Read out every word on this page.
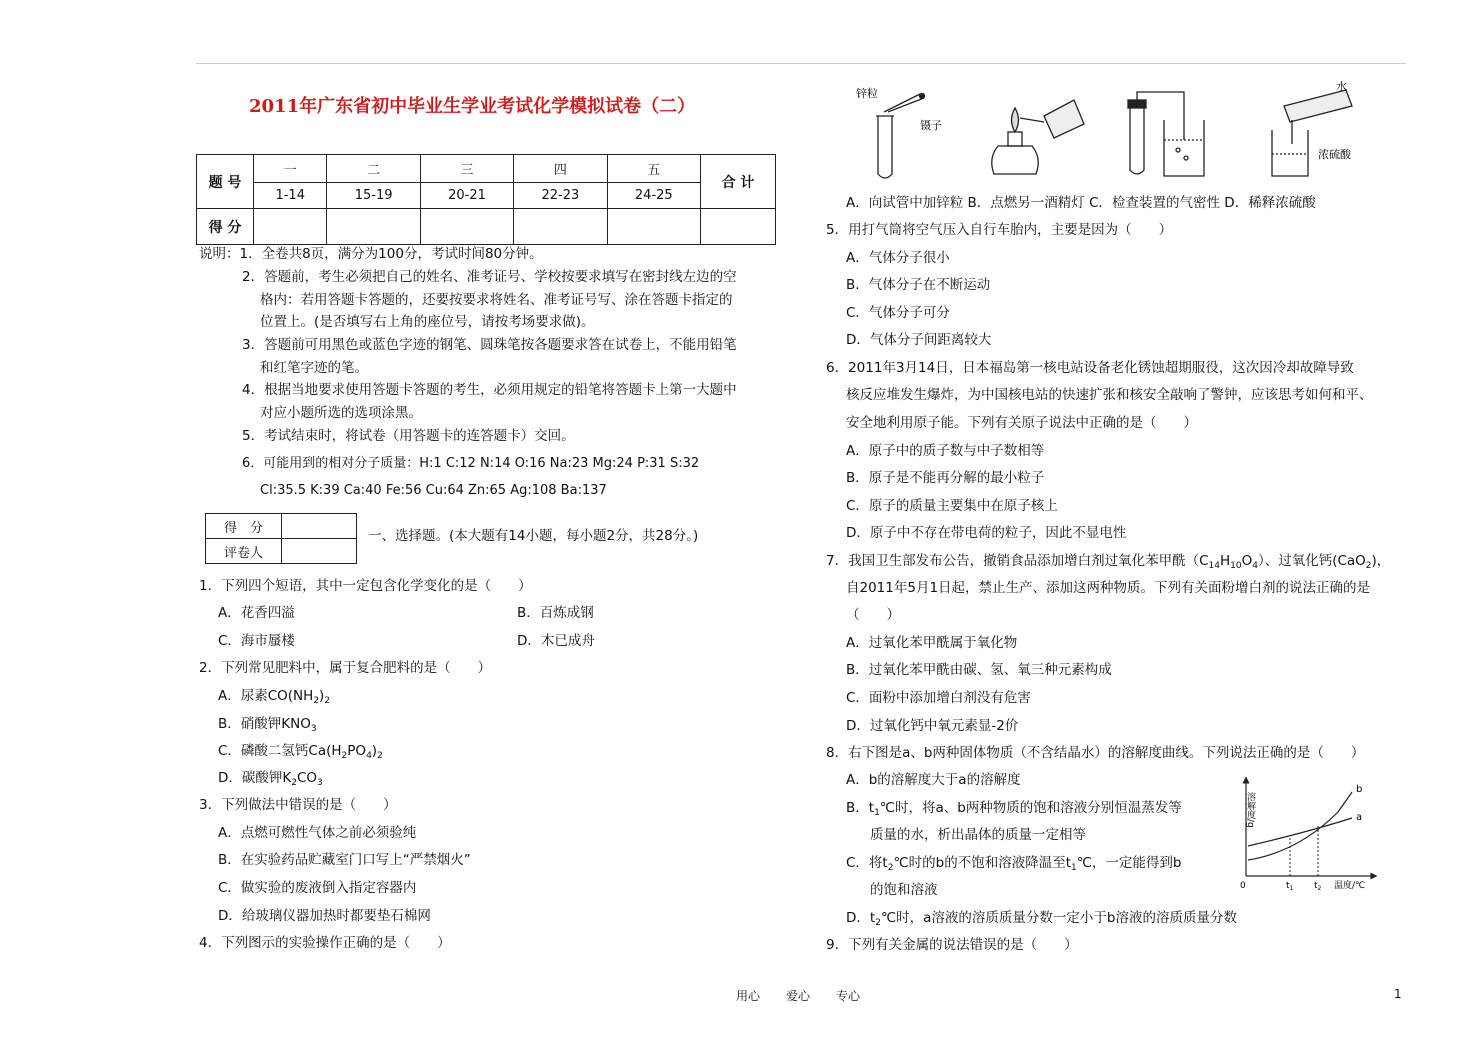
2011年广东省初中毕业生学业考试化学模拟试卷（二）
题 号	一	二	三	四	五	合 计
	1-14	15-19	20-21	22-23	24-25	
得 分						
说明：1．全卷共8页，满分为100分，考试时间80分钟。
2．答题前，考生必须把自己的姓名、准考证号、学校按要求填写在密封线左边的空
格内：若用答题卡答题的，还要按要求将姓名、准考证号写、涂在答题卡指定的
位置上。(是否填写右上角的座位号，请按考场要求做)。
3．答题前可用黑色或蓝色字迹的钢笔、圆珠笔按各题要求答在试卷上，不能用铅笔
和红笔字迹的笔。
4．根据当地要求使用答题卡答题的考生，必须用规定的铅笔将答题卡上第一大题中
对应小题所选的选项涂黑。
5．考试结束时，将试卷（用答题卡的连答题卡）交回。
6．可能用到的相对分子质量：H:1 C:12 N:14 O:16 Na:23 Mg:24 P:31 S:32
Cl:35.5 K:39 Ca:40 Fe:56 Cu:64 Zn:65 Ag:108 Ba:137
得　分	
评卷人	
一、选择题。(本大题有14小题，每小题2分，共28分。)
1．下列四个短语，其中一定包含化学变化的是（　　）
A．花香四溢	B．百炼成钢
C．海市蜃楼	D．木已成舟
2．下列常见肥料中，属于复合肥料的是（　　）
A．尿素$CO(NH_2)_2$
B．硝酸钾$KNO_3$
C．磷酸二氢钙$Ca(H_2PO_4)_2$
D．碳酸钾$K_2CO_3$
3．下列做法中错误的是（　　）
A．点燃可燃性气体之前必须验纯
B．在实验药品贮藏室门口写上“严禁烟火”
C．做实验的废液倒入指定容器内
D．给玻璃仪器加热时都要垫石棉网
4．下列图示的实验操作正确的是（　　）
锌粒
镊子
水
浓硫酸
A．向试管中加锌粒 B．点燃另一酒精灯 C．检查装置的气密性 D．稀释浓硫酸
5．用打气筒将空气压入自行车胎内，主要是因为（　　）
A．气体分子很小
B．气体分子在不断运动
C．气体分子可分
D．气体分子间距离较大
6．2011年3月14日，日本福岛第一核电站设备老化锈蚀超期服役，这次因冷却故障导致
核反应堆发生爆炸，为中国核电站的快速扩张和核安全敲响了警钟，应该思考如何和平、
安全地利用原子能。下列有关原子说法中正确的是（　　）
A．原子中的质子数与中子数相等
B．原子是不能再分解的最小粒子
C．原子的质量主要集中在原子核上
D．原子中不存在带电荷的粒子，因此不显电性
7．我国卫生部发布公告，撤销食品添加增白剂过氧化苯甲酰$(C_{14}H_{10}O_4)$、过氧化钙(CaO$_2$)，
自2011年5月1日起，禁止生产、添加这两种物质。下列有关面粉增白剂的说法正确的是
（　　）
A．过氧化苯甲酰属于氧化物
B．过氧化苯甲酰由碳、氢、氧三种元素构成
C．面粉中添加增白剂没有危害
D．过氧化钙中氧元素显-2价
8．右下图是a、b两种固体物质（不含结晶水）的溶解度曲线。下列说法正确的是（　　）
A．b的溶解度大于a的溶解度
B．$t_1℃$时，将a、b两种物质的饱和溶液分别恒温蒸发等
质量的水，析出晶体的质量一定相等
C．将$t_2℃$时的b的不饱和溶液降温至$t_1℃$，一定能得到b
的饱和溶液
D．$t_2℃$时，a溶液的溶质质量分数一定小于b溶液的溶质质量分数
9．下列有关金属的说法错误的是（　　）
溶解度/g
0	$t_1$ $t_2$ 温度/℃
b
a
用心 爱心 专心	1
